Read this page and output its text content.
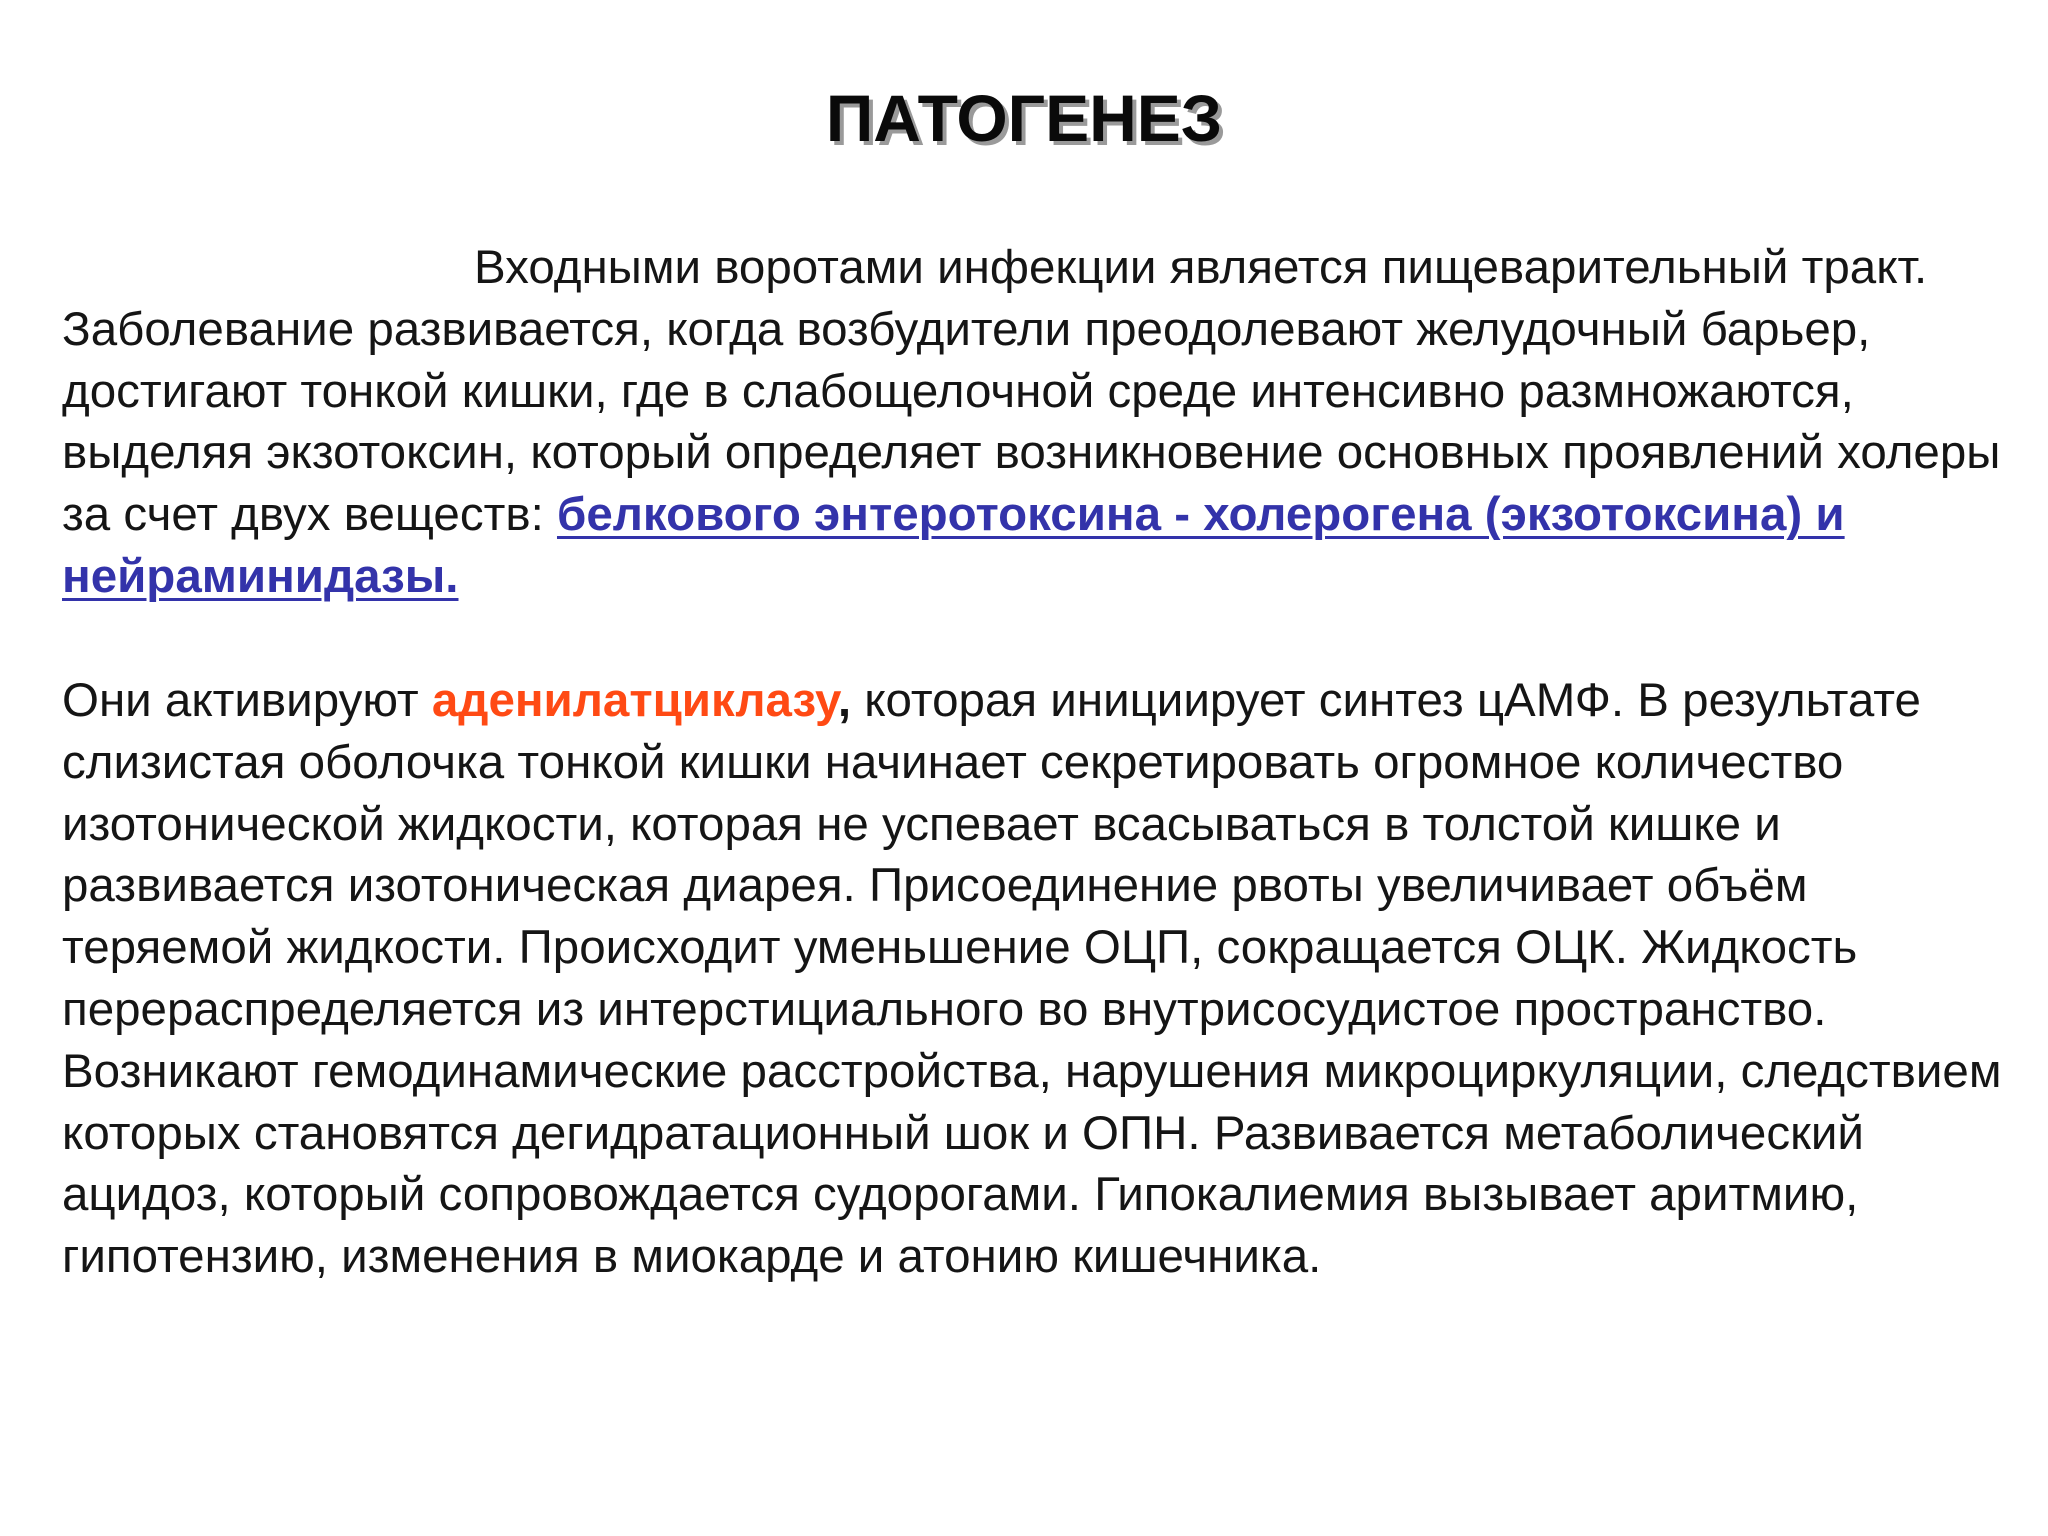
ПАТОГЕНЕЗ

Входными воротами инфекции является пищеварительный тракт. Заболевание развивается, когда возбудители преодолевают желудочный барьер, достигают тонкой кишки, где в слабощелочной среде интенсивно размножаются, выделяя экзотоксин, который определяет возникновение основных проявлений холеры за счет двух веществ: белкового энтеротоксина - холерогена (экзотоксина) и нейраминидазы.

Они активируют аденилатциклазу, которая инициирует синтез цАМФ. В результате слизистая оболочка тонкой кишки начинает секретировать огромное количество изотонической жидкости, которая не успевает всасываться в толстой кишке и развивается изотоническая диарея. Присоединение рвоты увеличивает объём теряемой жидкости. Происходит уменьшение ОЦП, сокращается ОЦК. Жидкость перераспределяется из интерстициального во внутрисосудистое пространство. Возникают гемодинамические расстройства, нарушения микроциркуляции, следствием которых становятся дегидратационный шок и ОПН. Развивается метаболический ацидоз, который сопровождается судорогами. Гипокалиемия вызывает аритмию, гипотензию, изменения в миокарде и атонию кишечника.
